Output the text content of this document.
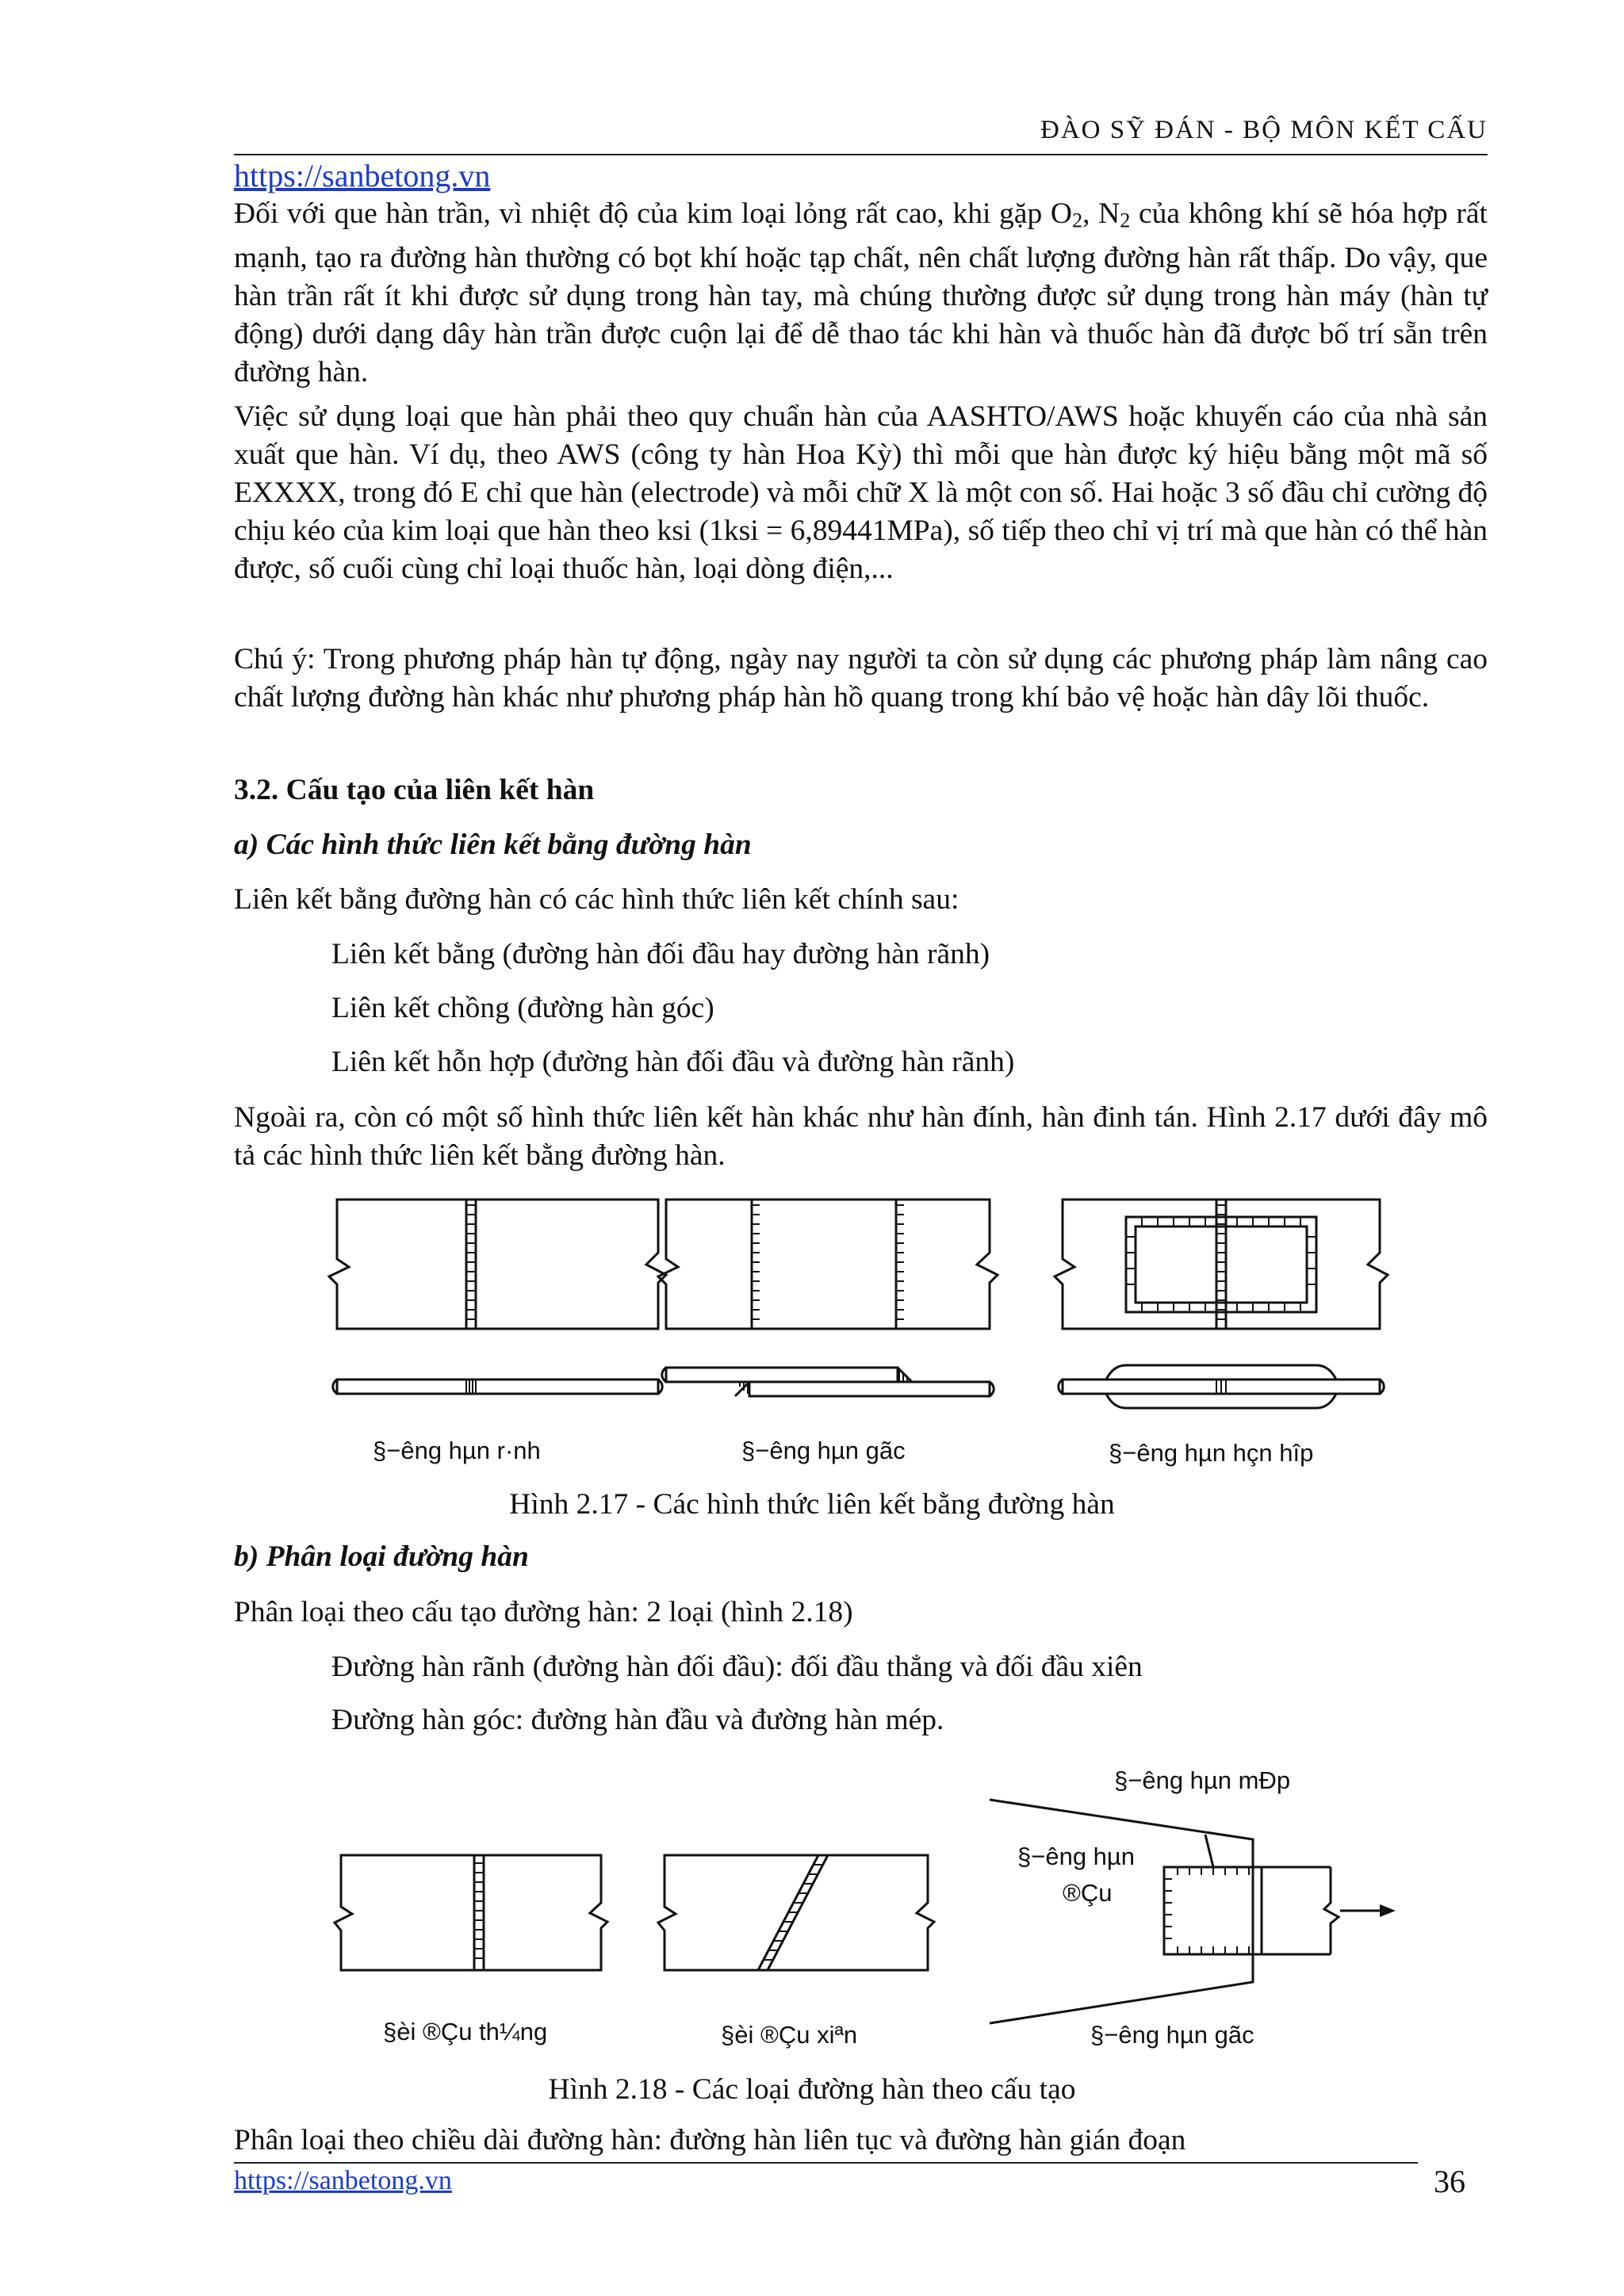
ĐÀO SỸ ĐÁN - BỘ MÔN KẾT CẤU
https://sanbetong.vn
Đối với que hàn trần, vì nhiệt độ của kim loại lỏng rất cao, khi gặp $O_2$, $N_2$ của không khí sẽ hóa hợp rất mạnh, tạo ra đường hàn thường có bọt khí hoặc tạp chất, nên chất lượng đường hàn rất thấp. Do vậy, que hàn trần rất ít khi được sử dụng trong hàn tay, mà chúng thường được sử dụng trong hàn máy (hàn tự động) dưới dạng dây hàn trần được cuộn lại để dễ thao tác khi hàn và thuốc hàn đã được bố trí sẵn trên đường hàn.
Việc sử dụng loại que hàn phải theo quy chuẩn hàn của AASHTO/AWS hoặc khuyến cáo của nhà sản xuất que hàn. Ví dụ, theo AWS (công ty hàn Hoa Kỳ) thì mỗi que hàn được ký hiệu bằng một mã số EXXXX, trong đó E chỉ que hàn (electrode) và mỗi chữ X là một con số. Hai hoặc 3 số đầu chỉ cường độ chịu kéo của kim loại que hàn theo ksi (1ksi = 6,89441MPa), số tiếp theo chỉ vị trí mà que hàn có thể hàn được, số cuối cùng chỉ loại thuốc hàn, loại dòng điện,...
Chú ý: Trong phương pháp hàn tự động, ngày nay người ta còn sử dụng các phương pháp làm nâng cao chất lượng đường hàn khác như phương pháp hàn hồ quang trong khí bảo vệ hoặc hàn dây lõi thuốc.
3.2. Cấu tạo của liên kết hàn
a) Các hình thức liên kết bằng đường hàn
Liên kết bằng đường hàn có các hình thức liên kết chính sau:
Liên kết bằng (đường hàn đối đầu hay đường hàn rãnh)
Liên kết chồng (đường hàn góc)
Liên kết hỗn hợp (đường hàn đối đầu và đường hàn rãnh)
Ngoài ra, còn có một số hình thức liên kết hàn khác như hàn đính, hàn đinh tán. Hình 2.17 dưới đây mô tả các hình thức liên kết bằng đường hàn.
§−êng hµn r·nh	§−êng hµn gãc	§−êng hµn hçn hîp
Hình 2.17 - Các hình thức liên kết bằng đường hàn
b) Phân loại đường hàn
Phân loại theo cấu tạo đường hàn: 2 loại (hình 2.18)
Đường hàn rãnh (đường hàn đối đầu): đối đầu thẳng và đối đầu xiên
Đường hàn góc: đường hàn đầu và đường hàn mép.
§−êng hµn mÐp
§−êng hµn
®Çu
§−êng hµn gãc
§èi ®Çu th¼ng	§èi ®Çu xiªn
Hình 2.18 - Các loại đường hàn theo cấu tạo
Phân loại theo chiều dài đường hàn: đường hàn liên tục và đường hàn gián đoạn
https://sanbetong.vn	36
